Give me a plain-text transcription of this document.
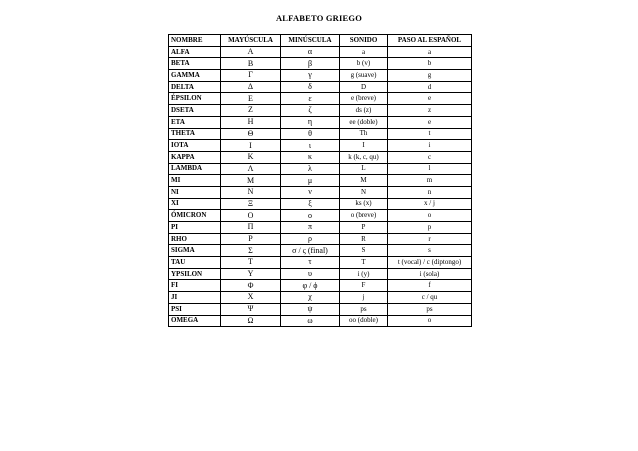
ALFABETO GRIEGO
NOMBRE	MAYÚSCULA	MINÚSCULA	SONIDO	PASO AL ESPAÑOL
ALFA	Α	α	a	a
BETA	Β	β	b (v)	b
GAMMA	Γ	γ	g (suave)	g
DELTA	Δ	δ	D	d
ÉPSILON	Ε	ε	e (breve)	e
DSETA	Ζ	ζ	ds (z)	z
ETA	Η	η	ee (doble)	e
THETA	Θ	θ	Th	t
IOTA	Ι	ι	I	i
KAPPA	Κ	κ	k (k, c, qu)	c
LAMBDA	Λ	λ	L	l
MI	Μ	μ	M	m
NI	Ν	ν	N	n
XI	Ξ	ξ	ks (x)	x / j
ÓMICRON	Ο	ο	o (breve)	o
PI	Π	π	P	p
RHO	Ρ	ρ	R	r
SIGMA	Σ	σ / ς (final)	S	s
TAU	Τ	τ	T	t (vocal) / c (diptongo)
YPSILON	Υ	υ	i (y)	i (sola)
FI	Φ	φ / ϕ	F	f
JI	Χ	χ	j	c / qu
PSI	Ψ	ψ	ps	ps
OMEGA	Ω	ω	oo (doble)	o
